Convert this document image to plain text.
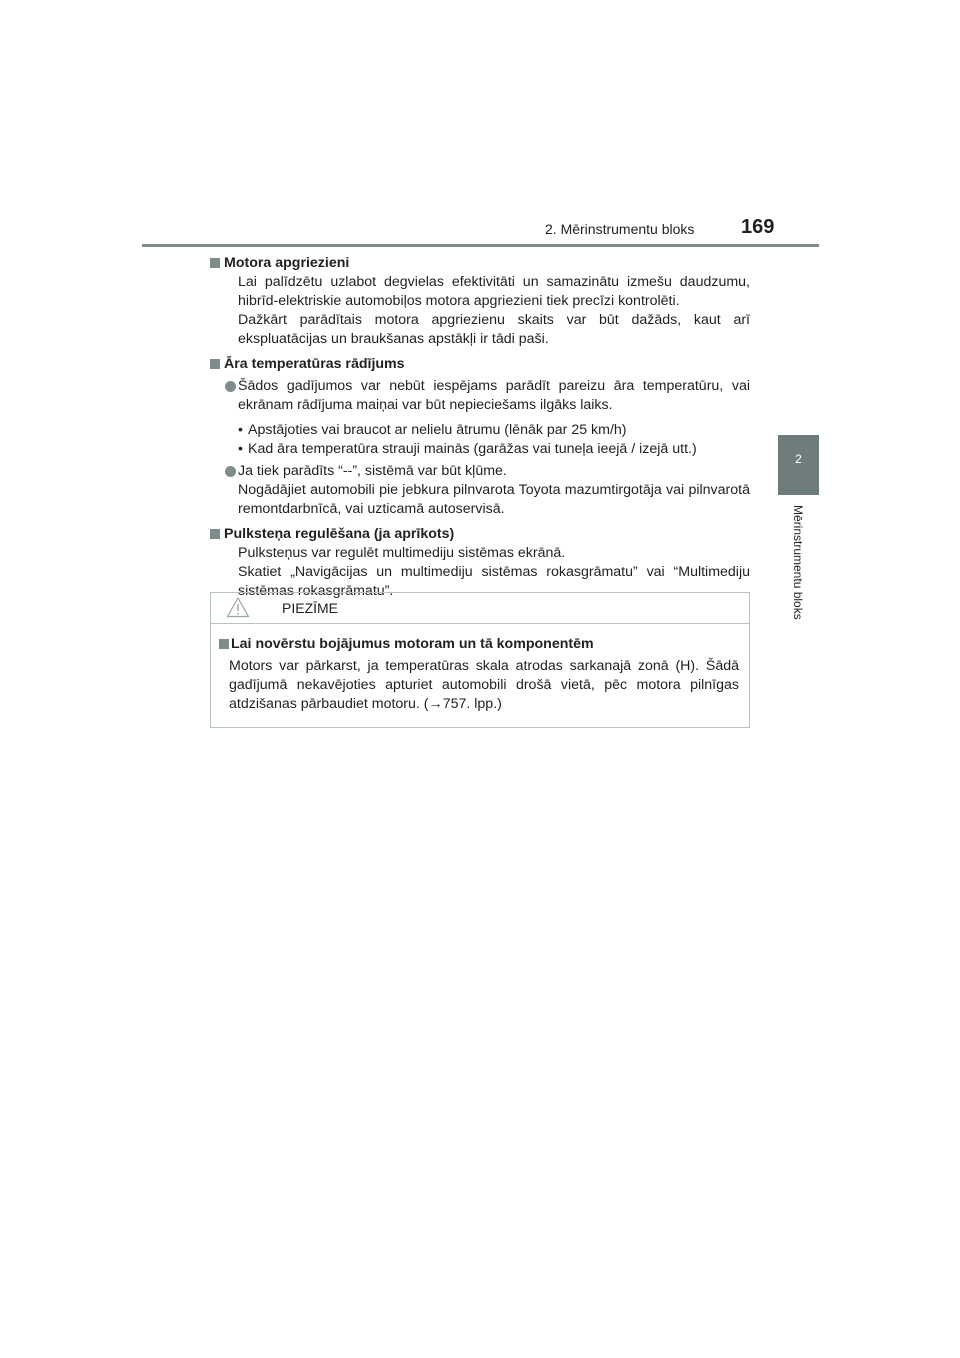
2. Mērinstrumentu bloks 169
2
Mērinstrumentu bloks
Motora apgriezieni

Lai palīdzētu uzlabot degvielas efektivitāti un samazinātu izmešu daudzumu, hibrīd-elektriskie automobiļos motora apgriezieni tiek precīzi kontrolēti.

Dažkārt parādītais motora apgriezienu skaits var būt dažāds, kaut arī ekspluatācijas un braukšanas apstākļi ir tādi paši.

Āra temperatūras rādījums
Šādos gadījumos var nebūt iespējams parādīt pareizu āra temperatūru, vai ekrānam rādījuma maiņai var būt nepieciešams ilgāks laiks.
• Apstājoties vai braucot ar nelielu ātrumu (lēnāk par 25 km/h)
• Kad āra temperatūra strauji mainās (garāžas vai tuneļa ieejā / izejā utt.)
Ja tiek parādīts “--”, sistēmā var būt kļūme.
Nogādājiet automobili pie jebkura pilnvarota Toyota mazumtirgotāja vai pilnvarotā remontdarbnīcā, vai uzticamā autoservisā.
Pulksteņa regulēšana (ja aprīkots)

Pulksteņus var regulēt multimediju sistēmas ekrānā.

Skatiet „Navigācijas un multimediju sistēmas rokasgrāmatu” vai “Multimediju sistēmas rokasgrāmatu”.

PIEZĪME
Lai novērstu bojājumus motoram un tā komponentēm
Motors var pārkarst, ja temperatūras skala atrodas sarkanajā zonā (H). Šādā gadījumā nekavējoties apturiet automobili drošā vietā, pēc motora pilnīgas atdzišanas pārbaudiet motoru. (→757. lpp.)
